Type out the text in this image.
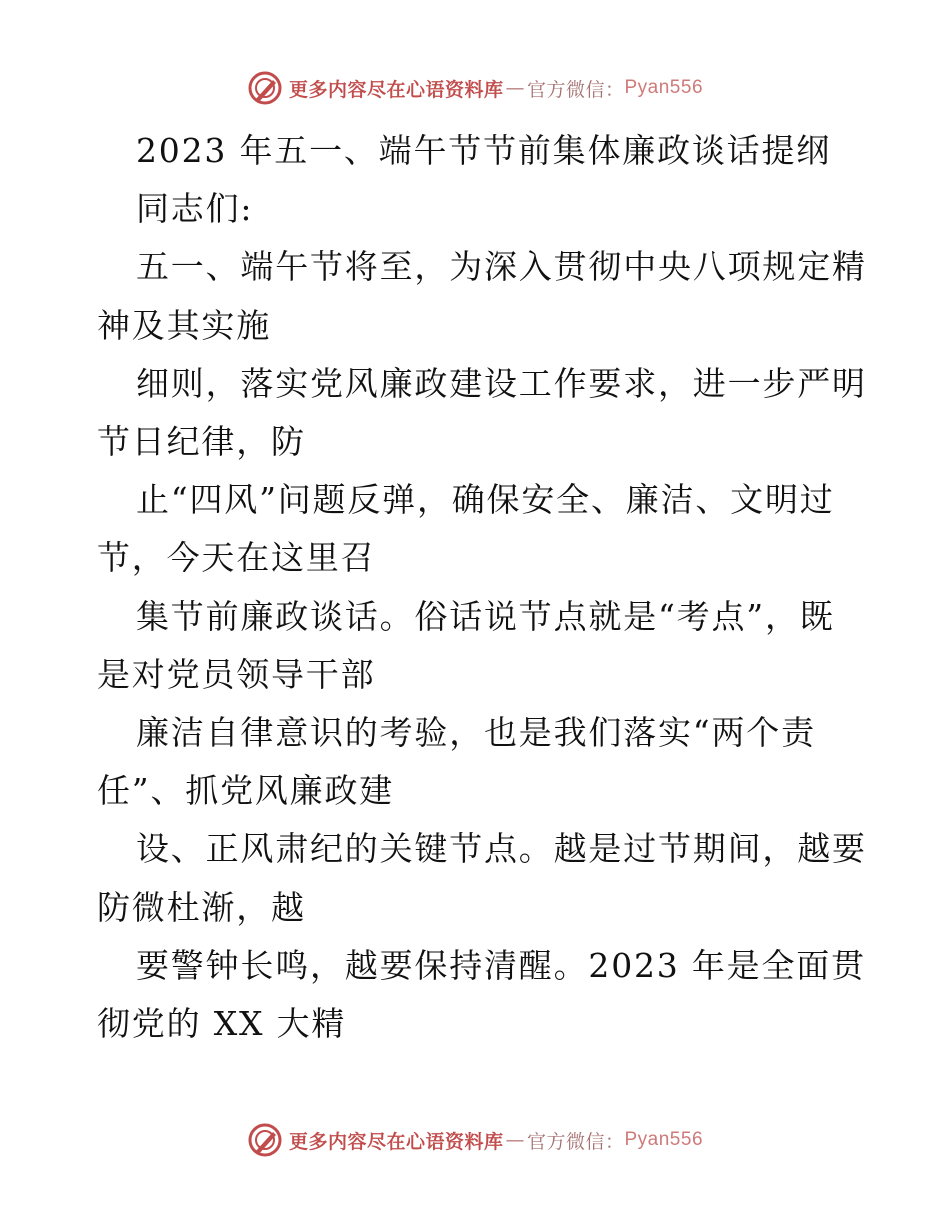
更多内容尽在心语资料库 — 官方微信： Pyan556
2023 年五一、端午节节前集体廉政谈话提纲
同志们:
五一、端午节将至，为深入贯彻中央八项规定精
神及其实施
细则，落实党风廉政建设工作要求，进一步严明
节日纪律，防
止“四风”问题反弹，确保安全、廉洁、文明过
节，今天在这里召
集节前廉政谈话。俗话说节点就是“考点”，既
是对党员领导干部
廉洁自律意识的考验，也是我们落实“两个责
任”、抓党风廉政建
设、正风肃纪的关键节点。越是过节期间，越要
防微杜渐，越
要警钟长鸣，越要保持清醒。2023 年是全面贯
彻党的 XX 大精
更多内容尽在心语资料库 — 官方微信： Pyan556
